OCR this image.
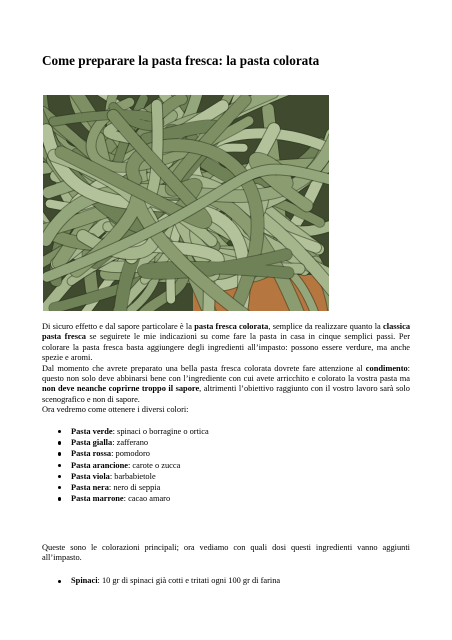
Come preparare la pasta fresca: la pasta colorata

Di sicuro effetto e dal sapore particolare è la pasta fresca colorata, semplice da realizzare quanto la classica pasta fresca se seguirete le mie indicazioni su come fare la pasta in casa in cinque semplici passi. Per colorare la pasta fresca basta aggiungere degli ingredienti all’impasto: possono essere verdure, ma anche spezie e aromi.

Dal momento che avrete preparato una bella pasta fresca colorata dovrete fare attenzione al condimento: questo non solo deve abbinarsi bene con l’ingrediente con cui avete arricchito e colorato la vostra pasta ma non deve neanche coprirne troppo il sapore, altrimenti l’obiettivo raggiunto con il vostro lavoro sarà solo scenografico e non di sapore.

Ora vedremo come ottenere i diversi colori:

Pasta verde: spinaci o borragine o ortica
Pasta gialla: zafferano
Pasta rossa: pomodoro
Pasta arancione: carote o zucca
Pasta viola: barbabietole
Pasta nera: nero di seppia
Pasta marrone: cacao amaro

Queste sono le colorazioni principali; ora vediamo con quali dosi questi ingredienti vanno aggiunti all’impasto.

Spinaci: 10 gr di spinaci già cotti e tritati ogni 100 gr di farina
